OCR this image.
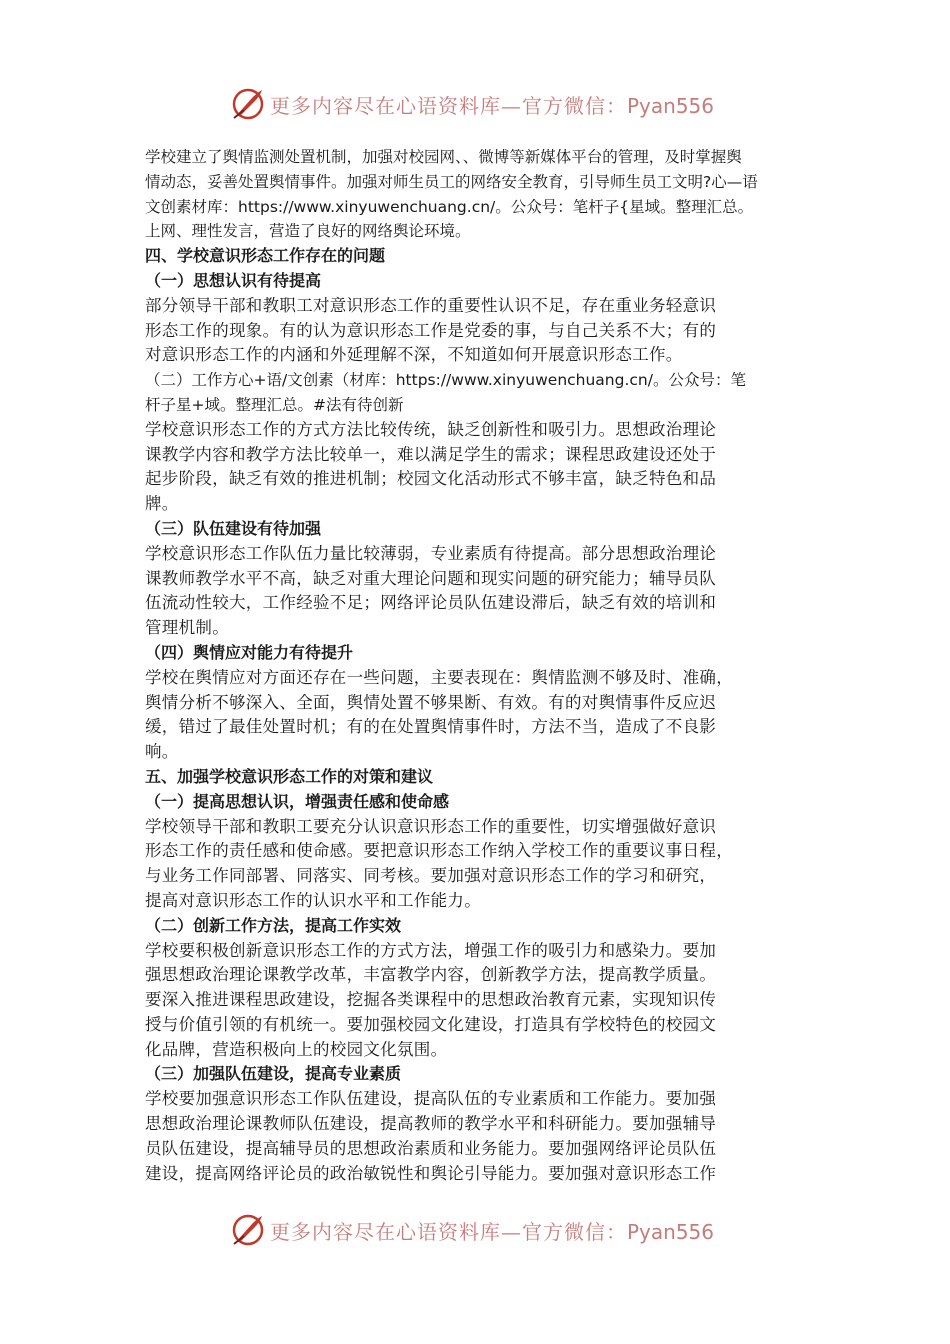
更多内容尽在心语资料库—官方微信：Pyan556
学校建立了舆情监测处置机制，加强对校园网、、微博等新媒体平台的管理，及时掌握舆
情动态，妥善处置舆情事件。加强对师生员工的网络安全教育，引导师生员工文明?心—语
文创素材库：https://www.xinyuwenchuang.cn/。公众号：笔杆子{星域。整理汇总。
上网、理性发言，营造了良好的网络舆论环境。
四、学校意识形态工作存在的问题
（一）思想认识有待提高
部分领导干部和教职工对意识形态工作的重要性认识不足，存在重业务轻意识
形态工作的现象。有的认为意识形态工作是党委的事，与自己关系不大；有的
对意识形态工作的内涵和外延理解不深，不知道如何开展意识形态工作。
（二）工作方心+语/文创素（材库：https://www.xinyuwenchuang.cn/。公众号：笔
杆子星+域。整理汇总。#法有待创新
学校意识形态工作的方式方法比较传统，缺乏创新性和吸引力。思想政治理论
课教学内容和教学方法比较单一，难以满足学生的需求；课程思政建设还处于
起步阶段，缺乏有效的推进机制；校园文化活动形式不够丰富，缺乏特色和品
牌。
（三）队伍建设有待加强
学校意识形态工作队伍力量比较薄弱，专业素质有待提高。部分思想政治理论
课教师教学水平不高，缺乏对重大理论问题和现实问题的研究能力；辅导员队
伍流动性较大，工作经验不足；网络评论员队伍建设滞后，缺乏有效的培训和
管理机制。
（四）舆情应对能力有待提升
学校在舆情应对方面还存在一些问题，主要表现在：舆情监测不够及时、准确，
舆情分析不够深入、全面，舆情处置不够果断、有效。有的对舆情事件反应迟
缓，错过了最佳处置时机；有的在处置舆情事件时，方法不当，造成了不良影
响。
五、加强学校意识形态工作的对策和建议
（一）提高思想认识，增强责任感和使命感
学校领导干部和教职工要充分认识意识形态工作的重要性，切实增强做好意识
形态工作的责任感和使命感。要把意识形态工作纳入学校工作的重要议事日程，
与业务工作同部署、同落实、同考核。要加强对意识形态工作的学习和研究，
提高对意识形态工作的认识水平和工作能力。
（二）创新工作方法，提高工作实效
学校要积极创新意识形态工作的方式方法，增强工作的吸引力和感染力。要加
强思想政治理论课教学改革，丰富教学内容，创新教学方法，提高教学质量。
要深入推进课程思政建设，挖掘各类课程中的思想政治教育元素，实现知识传
授与价值引领的有机统一。要加强校园文化建设，打造具有学校特色的校园文
化品牌，营造积极向上的校园文化氛围。
（三）加强队伍建设，提高专业素质
学校要加强意识形态工作队伍建设，提高队伍的专业素质和工作能力。要加强
思想政治理论课教师队伍建设，提高教师的教学水平和科研能力。要加强辅导
员队伍建设，提高辅导员的思想政治素质和业务能力。要加强网络评论员队伍
建设，提高网络评论员的政治敏锐性和舆论引导能力。要加强对意识形态工作
更多内容尽在心语资料库—官方微信：Pyan556
